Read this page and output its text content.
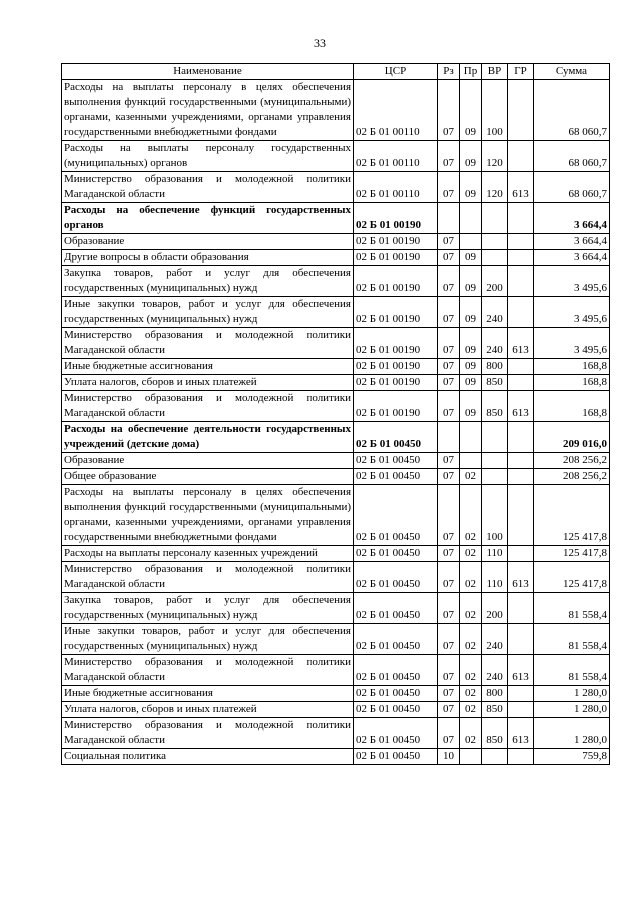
33
Наименование	ЦСР	Рз	Пр	ВР	ГР	Сумма
Расходы на выплаты персоналу в целях обеспечения выполнения функций государственными (муниципальными) органами, казенными учреждениями, органами управления государственными внебюджетными фондами	02 Б 01 00110	07	09	100		68 060,7
Расходы на выплаты персоналу государственных (муниципальных) органов	02 Б 01 00110	07	09	120		68 060,7
Министерство образования и молодежной политики Магаданской области	02 Б 01 00110	07	09	120	613	68 060,7
Расходы на обеспечение функций государственных органов	02 Б 01 00190					3 664,4
Образование	02 Б 01 00190	07				3 664,4
Другие вопросы в области образования	02 Б 01 00190	07	09			3 664,4
Закупка товаров, работ и услуг для обеспечения государственных (муниципальных) нужд	02 Б 01 00190	07	09	200		3 495,6
Иные закупки товаров, работ и услуг для обеспечения государственных (муниципальных) нужд	02 Б 01 00190	07	09	240		3 495,6
Министерство образования и молодежной политики Магаданской области	02 Б 01 00190	07	09	240	613	3 495,6
Иные бюджетные ассигнования	02 Б 01 00190	07	09	800		168,8
Уплата налогов, сборов и иных платежей	02 Б 01 00190	07	09	850		168,8
Министерство образования и молодежной политики Магаданской области	02 Б 01 00190	07	09	850	613	168,8
Расходы на обеспечение деятельности государственных учреждений (детские дома)	02 Б 01 00450					209 016,0
Образование	02 Б 01 00450	07				208 256,2
Общее образование	02 Б 01 00450	07	02			208 256,2
Расходы на выплаты персоналу в целях обеспечения выполнения функций государственными (муниципальными) органами, казенными учреждениями, органами управления государственными внебюджетными фондами	02 Б 01 00450	07	02	100		125 417,8
Расходы на выплаты персоналу казенных учреждений	02 Б 01 00450	07	02	110		125 417,8
Министерство образования и молодежной политики Магаданской области	02 Б 01 00450	07	02	110	613	125 417,8
Закупка товаров, работ и услуг для обеспечения государственных (муниципальных) нужд	02 Б 01 00450	07	02	200		81 558,4
Иные закупки товаров, работ и услуг для обеспечения государственных (муниципальных) нужд	02 Б 01 00450	07	02	240		81 558,4
Министерство образования и молодежной политики Магаданской области	02 Б 01 00450	07	02	240	613	81 558,4
Иные бюджетные ассигнования	02 Б 01 00450	07	02	800		1 280,0
Уплата налогов, сборов и иных платежей	02 Б 01 00450	07	02	850		1 280,0
Министерство образования и молодежной политики Магаданской области	02 Б 01 00450	07	02	850	613	1 280,0
Социальная политика	02 Б 01 00450	10				759,8
